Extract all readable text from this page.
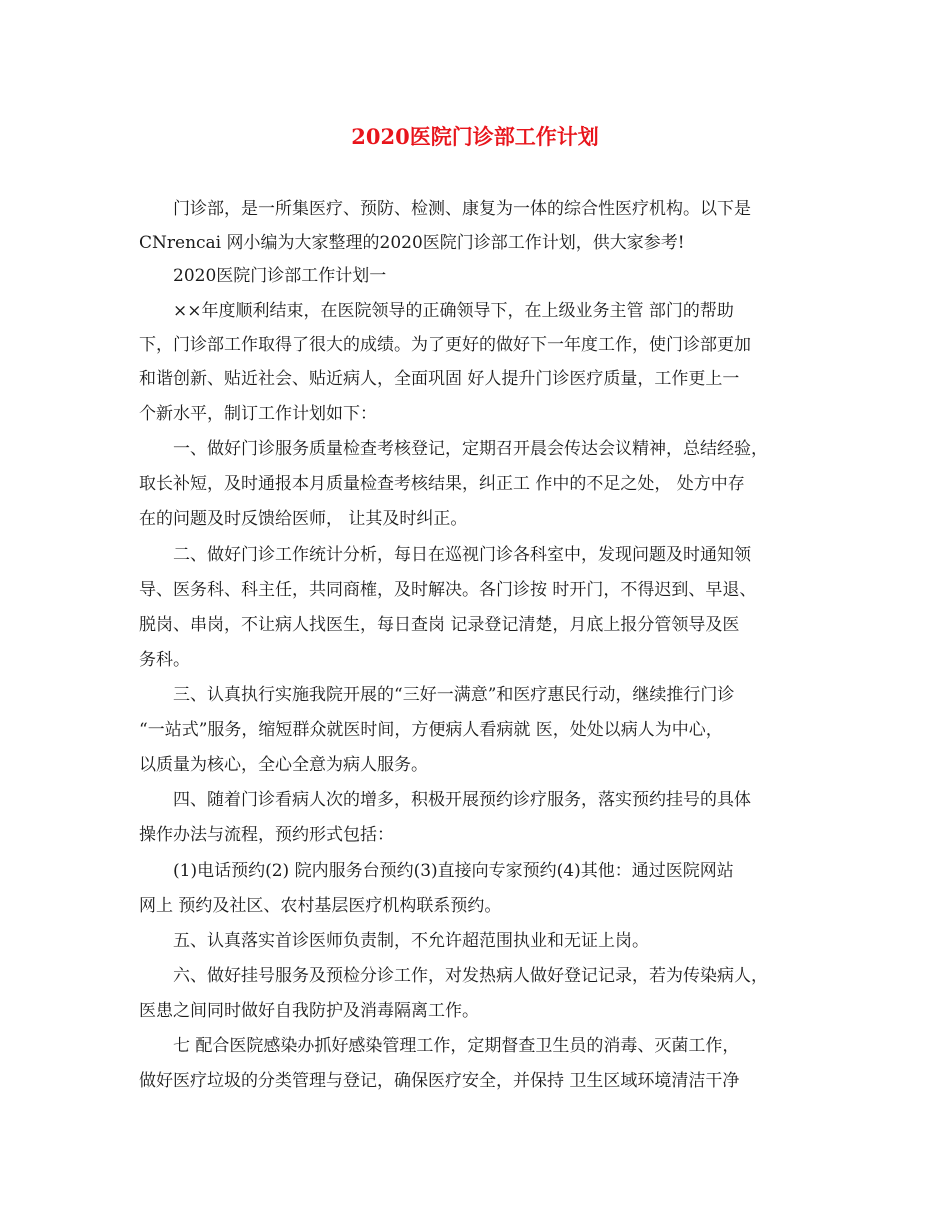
2020医院门诊部工作计划
门诊部，是一所集医疗、预防、检测、康复为一体的综合性医疗机构。以下是
CNrencai 网小编为大家整理的2020医院门诊部工作计划，供大家参考!
2020医院门诊部工作计划一
××年度顺利结束，在医院领导的正确领导下，在上级业务主管 部门的帮助
下，门诊部工作取得了很大的成绩。为了更好的做好下一年度工作，使门诊部更加
和谐创新、贴近社会、贴近病人，全面巩固 好人提升门诊医疗质量，工作更上一
个新水平，制订工作计划如下：
一、做好门诊服务质量检查考核登记，定期召开晨会传达会议精神，总结经验，
取长补短，及时通报本月质量检查考核结果，纠正工 作中的不足之处， 处方中存
在的问题及时反馈给医师， 让其及时纠正。
二、做好门诊工作统计分析，每日在巡视门诊各科室中，发现问题及时通知领
导、医务科、科主任，共同商榷，及时解决。各门诊按 时开门，不得迟到、早退、
脱岗、串岗，不让病人找医生，每日查岗 记录登记清楚，月底上报分管领导及医
务科。
三、认真执行实施我院开展的“三好一满意”和医疗惠民行动，继续推行门诊
“一站式”服务，缩短群众就医时间，方便病人看病就 医，处处以病人为中心，
以质量为核心，全心全意为病人服务。
四、随着门诊看病人次的增多，积极开展预约诊疗服务，落实预约挂号的具体
操作办法与流程，预约形式包括：
(1)电话预约(2) 院内服务台预约(3)直接向专家预约(4)其他：通过医院网站
网上 预约及社区、农村基层医疗机构联系预约。
五、认真落实首诊医师负责制，不允许超范围执业和无证上岗。
六、做好挂号服务及预检分诊工作，对发热病人做好登记记录，若为传染病人，
医患之间同时做好自我防护及消毒隔离工作。
七 配合医院感染办抓好感染管理工作，定期督查卫生员的消毒、灭菌工作，
做好医疗垃圾的分类管理与登记，确保医疗安全，并保持 卫生区域环境清洁干净
